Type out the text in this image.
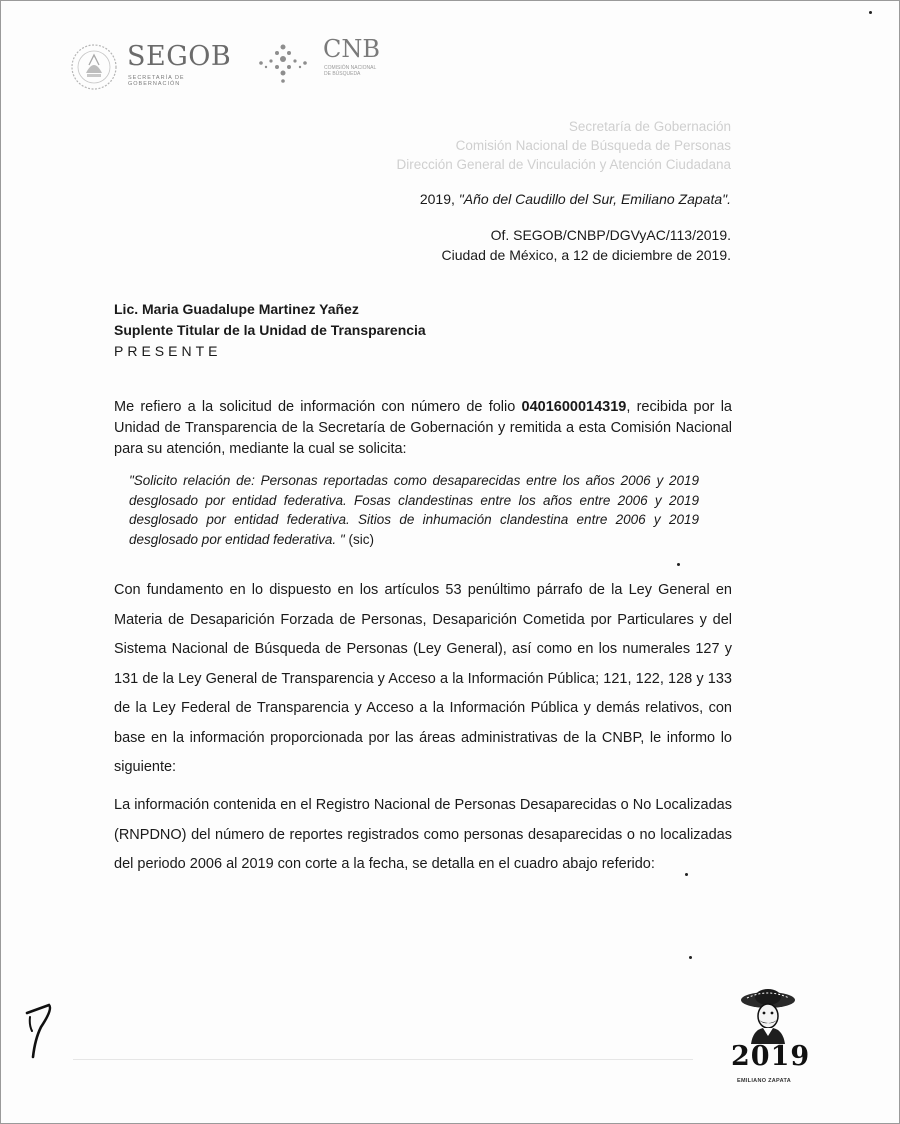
SEGOB
SECRETARÍA DE GOBERNACIÓN
CNB
COMISIÓN NACIONAL DE BÚSQUEDA
Secretaría de Gobernación
Comisión Nacional de Búsqueda de Personas
Dirección General de Vinculación y Atención Ciudadana
2019, "Año del Caudillo del Sur, Emiliano Zapata".
Of. SEGOB/CNBP/DGVyAC/113/2019.
Ciudad de México, a 12 de diciembre de 2019.
Lic. Maria Guadalupe Martinez Yañez
Suplente Titular de la Unidad de Transparencia
PRESENTE
Me refiero a la solicitud de información con número de folio 0401600014319, recibida por la Unidad de Transparencia de la Secretaría de Gobernación y remitida a esta Comisión Nacional para su atención, mediante la cual se solicita:
"Solicito relación de: Personas reportadas como desaparecidas entre los años 2006 y 2019 desglosado por entidad federativa. Fosas clandestinas entre los años entre 2006 y 2019 desglosado por entidad federativa. Sitios de inhumación clandestina entre 2006 y 2019 desglosado por entidad federativa. " (sic)
Con fundamento en lo dispuesto en los artículos 53 penúltimo párrafo de la Ley General en Materia de Desaparición Forzada de Personas, Desaparición Cometida por Particulares y del Sistema Nacional de Búsqueda de Personas (Ley General), así como en los numerales 127 y 131 de la Ley General de Transparencia y Acceso a la Información Pública; 121, 122, 128 y 133 de la Ley Federal de Transparencia y Acceso a la Información Pública y demás relativos, con base en la información proporcionada por las áreas administrativas de la CNBP, le informo lo siguiente:
La información contenida en el Registro Nacional de Personas Desaparecidas o No Localizadas (RNPDNO) del número de reportes registrados como personas desaparecidas o no localizadas del periodo 2006 al 2019 con corte a la fecha, se detalla en el cuadro abajo referido:
2019
EMILIANO ZAPATA
